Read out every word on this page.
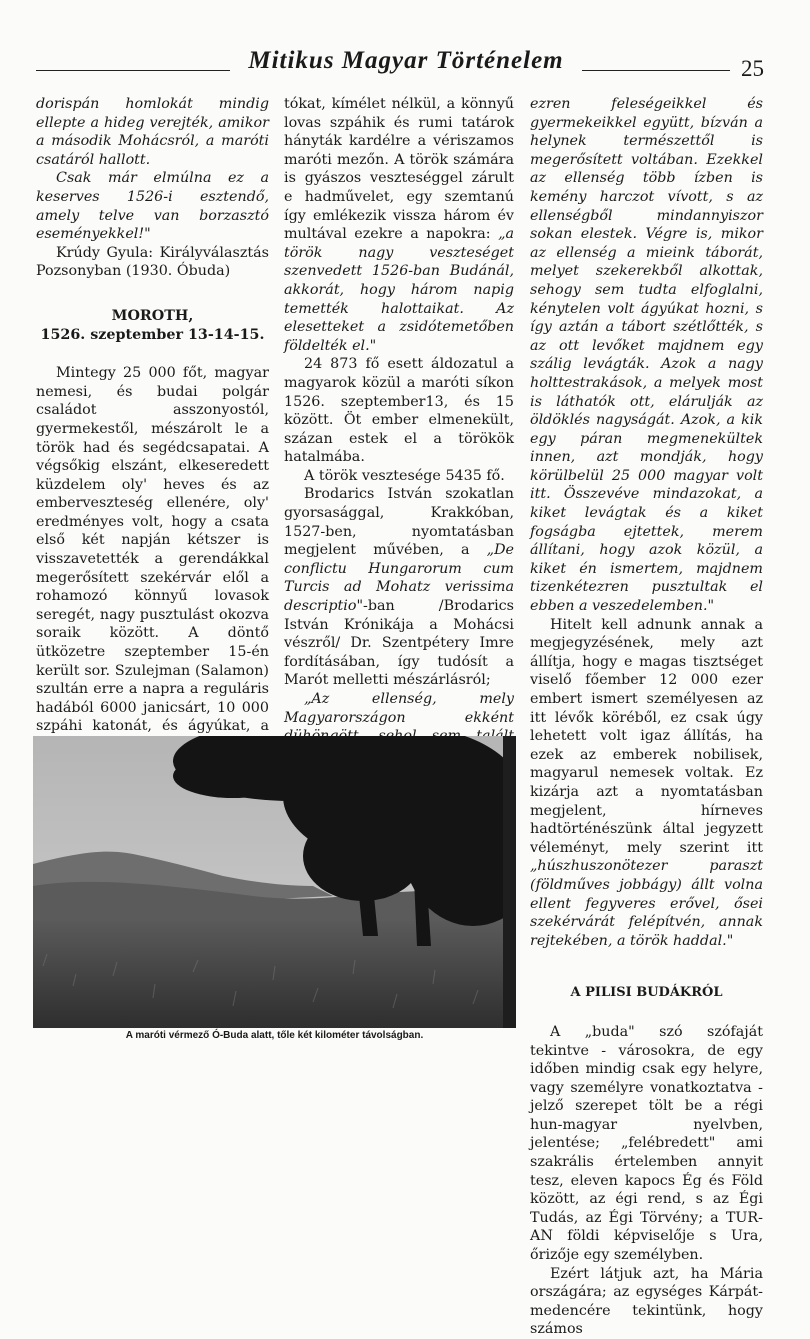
Mitikus Magyar Történelem	25

dorispán homlokát mindig ellepte a hideg verejték, amikor a második Mohácsról, a maróti csatáról hallott.

Csak már elmúlna ez a keserves 1526-i esztendő, amely telve van borzasztó eseményekkel!"

Krúdy Gyula: Királyválasztás Pozsonyban (1930. Óbuda)

MOROTH,

1526. szeptember 13-14-15.

Mintegy 25 000 főt, magyar nemesi, és budai polgár családot asszonyostól, gyermekestől, mészárolt le a török had és segédcsapatai. A végsőkig elszánt, elkeseredett küzdelem oly' heves és az emberveszteség ellenére, oly' eredményes volt, hogy a csata első két napján kétszer is visszavetették a gerendákkal megerősített szekérvár elől a rohamozó könnyű lovasok seregét, nagy pusztulást okozva soraik között. A döntő ütközetre szeptember 15-én került sor. Szulejman (Salamon) szultán erre a napra a reguláris hadából 6000 janicsárt, 10 000 szpáhi katonát, és ágyúkat, a

tókat, kímélet nélkül, a könnyű lovas szpáhik és rumi tatárok hányták kardélre a vériszamos maróti mezőn. A török számára is gyászos veszteséggel zárult e hadművelet, egy szemtanú így emlékezik vissza három év multával ezekre a napokra: „a török nagy veszteséget szenvedett 1526-ban Budánál, akkorát, hogy három napig temették halottaikat. Az elesetteket a zsidótemetőben földelték el."

24 873 fő esett áldozatul a magyarok közül a maróti síkon 1526. szeptember13, és 15 között. Öt ember elmenekült, százan estek el a törökök hatalmába.

A török vesztesége 5435 fő.

Brodarics István szokatlan gyorsasággal, Krakkóban, 1527-ben, nyomtatásban megjelent művében, a „De conflictu Hungarorum cum Turcis ad Mohatz verissima descriptio"-ban /Brodarics István Krónikája a Mohácsi vészről/ Dr. Szentpétery Imre fordításában, így tudósít a Marót melletti mészárlásról;

„Az ellenség, mely Magyarországon ekként

ezren feleségeikkel és gyermekeikkel együtt, bízván a helynek természettől is megerősített voltában. Ezekkel az ellenség több ízben is kemény harczot vívott, s az ellenségből mindannyiszor sokan elestek. Végre is, mikor az ellenség a mieink táborát, melyet szekerekből alkottak, sehogy sem tudta elfoglalni, kénytelen volt ágyúkat hozni, s így aztán a tábort szétlőtték, s az ott levőket majdnem egy szálig levágták. Azok a nagy holttestrakások, a melyek most is láthatók ott, elárulják az öldöklés nagyságát. Azok, a kik egy páran megmenekültek innen, azt mondják, hogy körülbelül 25 000 magyar volt itt. Összevéve mindazokat, a kiket levágtak és a kiket fogságba ejtettek, merem állítani, hogy azok közül, a kiket én ismertem, majdnem tizenkétezren pusztultak el ebben a veszedelemben."

Hitelt kell adnunk annak a megjegyzésének, mely azt állítja, hogy e magas tisztséget viselő főember 12 000 ezer embert ismert személyesen az itt lévők köréből, ez csak úgy lehetett volt igaz állítás, ha ezek az emberek nobilisek, magyarul nemesek voltak. Ez kizárja azt a nyomtatásban megjelent, hírneves hadtörténészünk által jegyzett véleményt, mely szerint itt „húszhuszonötezer paraszt (földműves jobbágy) állt volna ellent fegyveres erővel, ősei szekérvárát felépítvén, annak rejtekében, a török haddal."

A PILISI BUDÁKRÓL

A „buda" szó szófaját tekintve - városokra, de egy időben mindig csak egy helyre, vagy személyre vonatkoztatva - jelző szerepet tölt be a régi hun-magyar nyelvben, jelentése; „felébredett" ami szakrális értelemben annyit tesz, eleven kapocs Ég és Föld között, az égi rend, s az Égi Tudás, az Égi Törvény; a TUR-AN földi képviselője s Ura, őrizője egy személyben.

Ezért látjuk azt, ha Mária országára; az egységes Kárpát-medencére tekintünk, hogy számos

A maróti vérmező Ó-Buda alatt, tőle két kilométer távolságban.
